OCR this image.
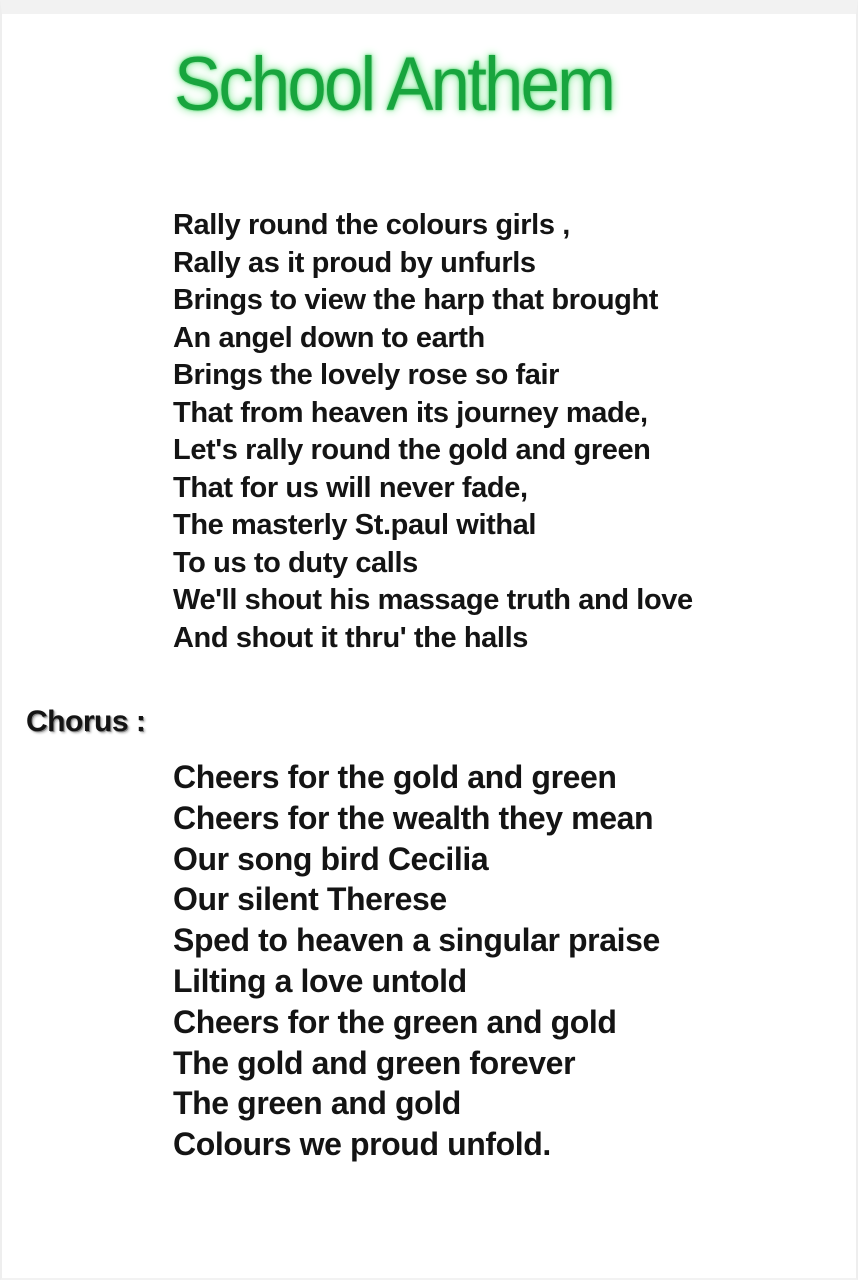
School Anthem
Rally round the colours girls ,
Rally as it proud by unfurls
Brings to view the harp that brought
An angel down to earth
Brings the lovely rose so fair
That from heaven its journey made,
Let's rally round the gold and green
That for us will never fade,
The masterly St.paul withal
To us to duty calls
We'll shout his massage truth and love
And shout it thru' the halls
Chorus :
Cheers for the gold and green
Cheers for the wealth they mean
Our song bird Cecilia
Our silent Therese
Sped to heaven a singular praise
Lilting a love untold
Cheers for the green and gold
The gold and green forever
The green and gold
Colours we proud unfold.
